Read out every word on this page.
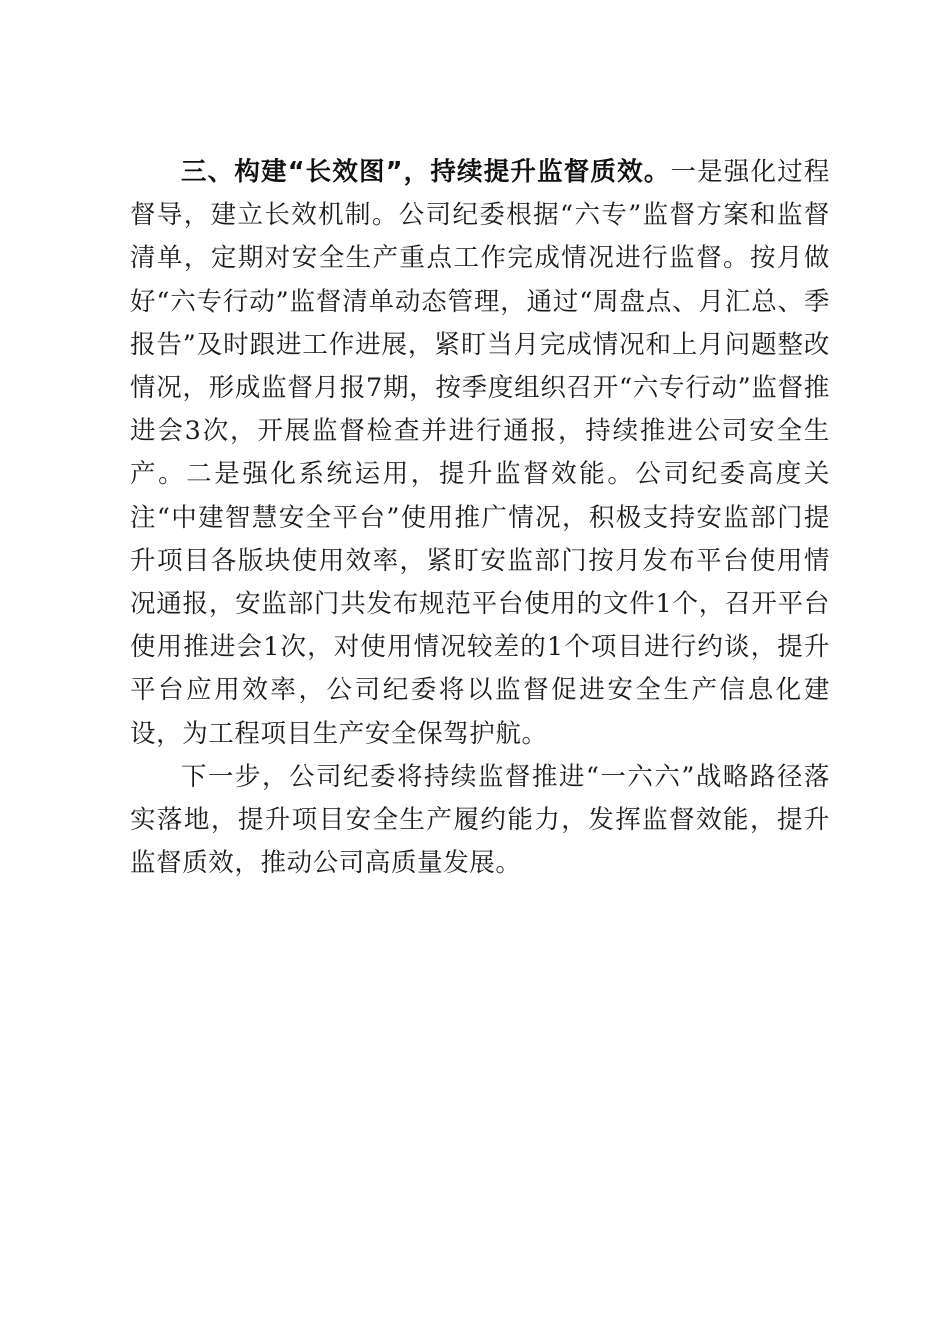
三、构建“长效图”，持续提升监督质效。一是强化过程督导，建立长效机制。公司纪委根据“六专”监督方案和监督清单，定期对安全生产重点工作完成情况进行监督。按月做好“六专行动”监督清单动态管理，通过“周盘点、月汇总、季报告”及时跟进工作进展，紧盯当月完成情况和上月问题整改情况，形成监督月报7期，按季度组织召开“六专行动”监督推进会3次，开展监督检查并进行通报，持续推进公司安全生产。二是强化系统运用，提升监督效能。公司纪委高度关注“中建智慧安全平台”使用推广情况，积极支持安监部门提升项目各版块使用效率，紧盯安监部门按月发布平台使用情况通报，安监部门共发布规范平台使用的文件1个，召开平台使用推进会1次，对使用情况较差的1个项目进行约谈，提升平台应用效率，公司纪委将以监督促进安全生产信息化建设，为工程项目生产安全保驾护航。

下一步，公司纪委将持续监督推进“一六六”战略路径落实落地，提升项目安全生产履约能力，发挥监督效能，提升监督质效，推动公司高质量发展。
